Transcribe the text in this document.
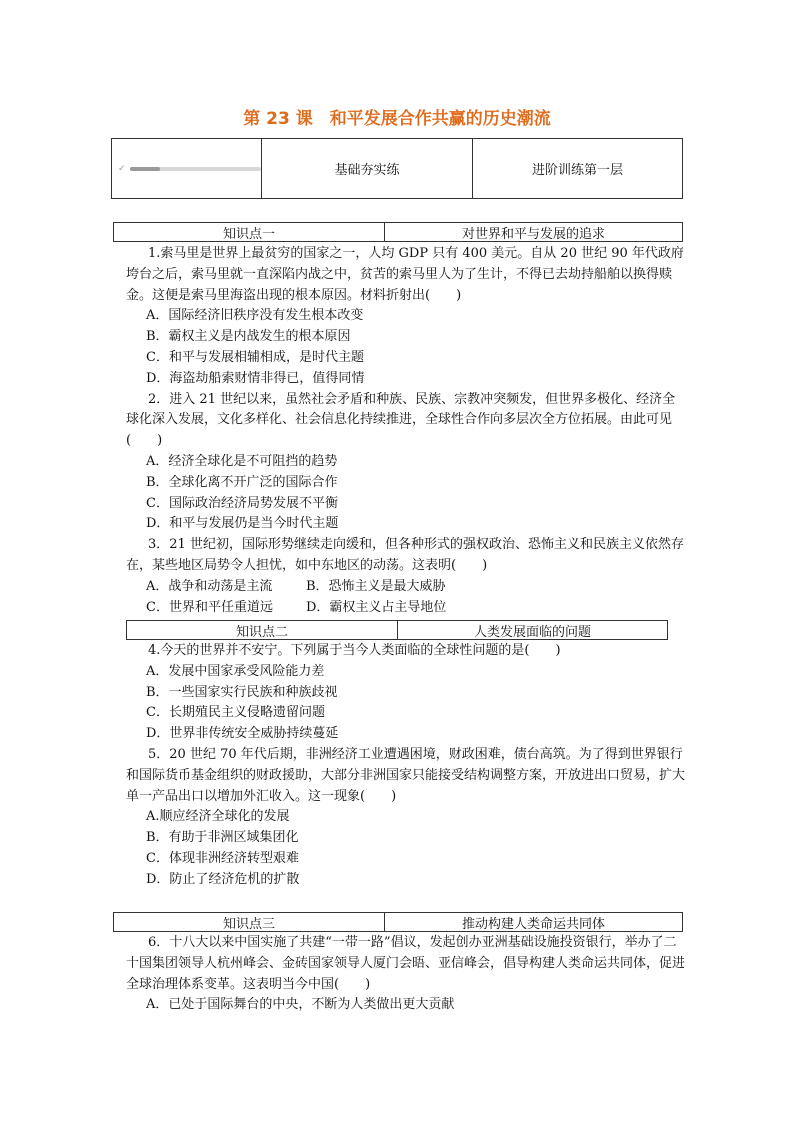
第 23 课　和平发展合作共赢的历史潮流
✓	基础夯实练	进阶训练第一层
知识点一	对世界和平与发展的追求

1.索马里是世界上最贫穷的国家之一，人均 GDP 只有 400 美元。自从 20 世纪 90 年代政府垮台之后，索马里就一直深陷内战之中，贫苦的索马里人为了生计，不得已去劫持船舶以换得赎金。这便是索马里海盗出现的根本原因。材料折射出(　　)

A．国际经济旧秩序没有发生根本改变

B．霸权主义是内战发生的根本原因

C．和平与发展相辅相成，是时代主题

D．海盗劫船索财情非得已，值得同情

2．进入 21 世纪以来，虽然社会矛盾和种族、民族、宗教冲突频发，但世界多极化、经济全球化深入发展，文化多样化、社会信息化持续推进，全球性合作向多层次全方位拓展。由此可见(　　)

A．经济全球化是不可阻挡的趋势

B．全球化离不开广泛的国际合作

C．国际政治经济局势发展不平衡

D．和平与发展仍是当今时代主题

3．21 世纪初，国际形势继续走向缓和，但各种形式的强权政治、恐怖主义和民族主义依然存在，某些地区局势令人担忧，如中东地区的动荡。这表明(　　)

A．战争和动荡是主流	B．恐怖主义是最大威胁
C．世界和平任重道远	D．霸权主义占主导地位
知识点二	人类发展面临的问题

4.今天的世界并不安宁。下列属于当今人类面临的全球性问题的是(　　)

A．发展中国家承受风险能力差

B．一些国家实行民族和种族歧视

C．长期殖民主义侵略遗留问题

D．世界非传统安全威胁持续蔓延

5．20 世纪 70 年代后期，非洲经济工业遭遇困境，财政困难，债台高筑。为了得到世界银行和国际货币基金组织的财政援助，大部分非洲国家只能接受结构调整方案，开放进出口贸易，扩大单一产品出口以增加外汇收入。这一现象(　　)

A.顺应经济全球化的发展

B．有助于非洲区域集团化

C．体现非洲经济转型艰难

D．防止了经济危机的扩散

知识点三	推动构建人类命运共同体

6．十八大以来中国实施了共建“一带一路”倡议，发起创办亚洲基础设施投资银行，举办了二十国集团领导人杭州峰会、金砖国家领导人厦门会晤、亚信峰会，倡导构建人类命运共同体，促进全球治理体系变革。这表明当今中国(　　)

A．已处于国际舞台的中央，不断为人类做出更大贡献
